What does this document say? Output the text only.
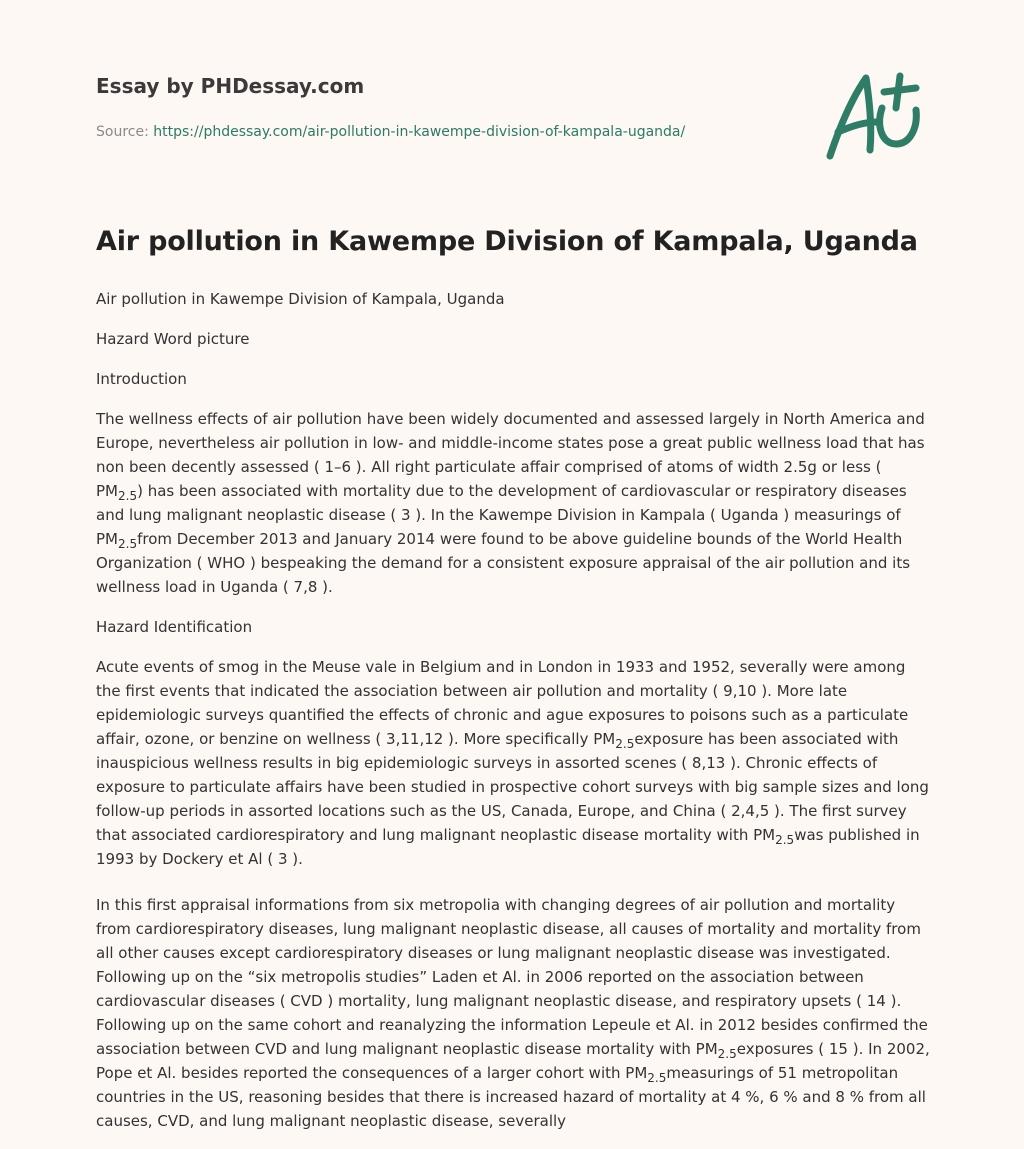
Essay by PHDessay.com

Source: https://phdessay.com/air-pollution-in-kawempe-division-of-kampala-uganda/
Air pollution in Kawempe Division of Kampala, Uganda

Air pollution in Kawempe Division of Kampala, Uganda

Hazard Word picture

Introduction

The wellness effects of air pollution have been widely documented and assessed largely in North America and Europe, nevertheless air pollution in low- and middle-income states pose a great public wellness load that has non been decently assessed ( 1–6 ). All right particulate affair comprised of atoms of width 2.5g or less ( $PM_{2.5}$) has been associated with mortality due to the development of cardiovascular or respiratory diseases and lung malignant neoplastic disease ( 3 ). In the Kawempe Division in Kampala ( Uganda ) measurings of $PM_{2.5}from$ December 2013 and January 2014 were found to be above guideline bounds of the World Health Organization ( WHO ) bespeaking the demand for a consistent exposure appraisal of the air pollution and its wellness load in Uganda ( 7,8 ).

Hazard Identification

Acute events of smog in the Meuse vale in Belgium and in London in 1933 and 1952, severally were among the first events that indicated the association between air pollution and mortality ( 9,10 ). More late epidemiologic surveys quantified the effects of chronic and ague exposures to poisons such as a particulate affair, ozone, or benzine on wellness ( 3,11,12 ). More specifically $PM_{2.5}exposure$ has been associated with inauspicious wellness results in big epidemiologic surveys in assorted scenes ( 8,13 ). Chronic effects of exposure to particulate affairs have been studied in prospective cohort surveys with big sample sizes and long follow-up periods in assorted locations such as the US, Canada, Europe, and China ( 2,4,5 ). The first survey that associated cardiorespiratory and lung malignant neoplastic disease mortality with $PM_{2.5}was$ published in 1993 by Dockery et Al ( 3 ).

In this first appraisal informations from six metropolia with changing degrees of air pollution and mortality from cardiorespiratory diseases, lung malignant neoplastic disease, all causes of mortality and mortality from all other causes except cardiorespiratory diseases or lung malignant neoplastic disease was investigated. Following up on the “six metropolis studies” Laden et Al. in 2006 reported on the association between cardiovascular diseases ( CVD ) mortality, lung malignant neoplastic disease, and respiratory upsets ( 14 ). Following up on the same cohort and reanalyzing the information Lepeule et Al. in 2012 besides confirmed the association between CVD and lung malignant neoplastic disease mortality with $PM_{2.5}exposures$ ( 15 ). In 2002, Pope et Al. besides reported the consequences of a larger cohort with $PM_{2.5}measurings$ of 51 metropolitan countries in the US, reasoning besides that there is increased hazard of mortality at 4 %, 6 % and 8 % from all causes, CVD, and lung malignant neoplastic disease, severally
